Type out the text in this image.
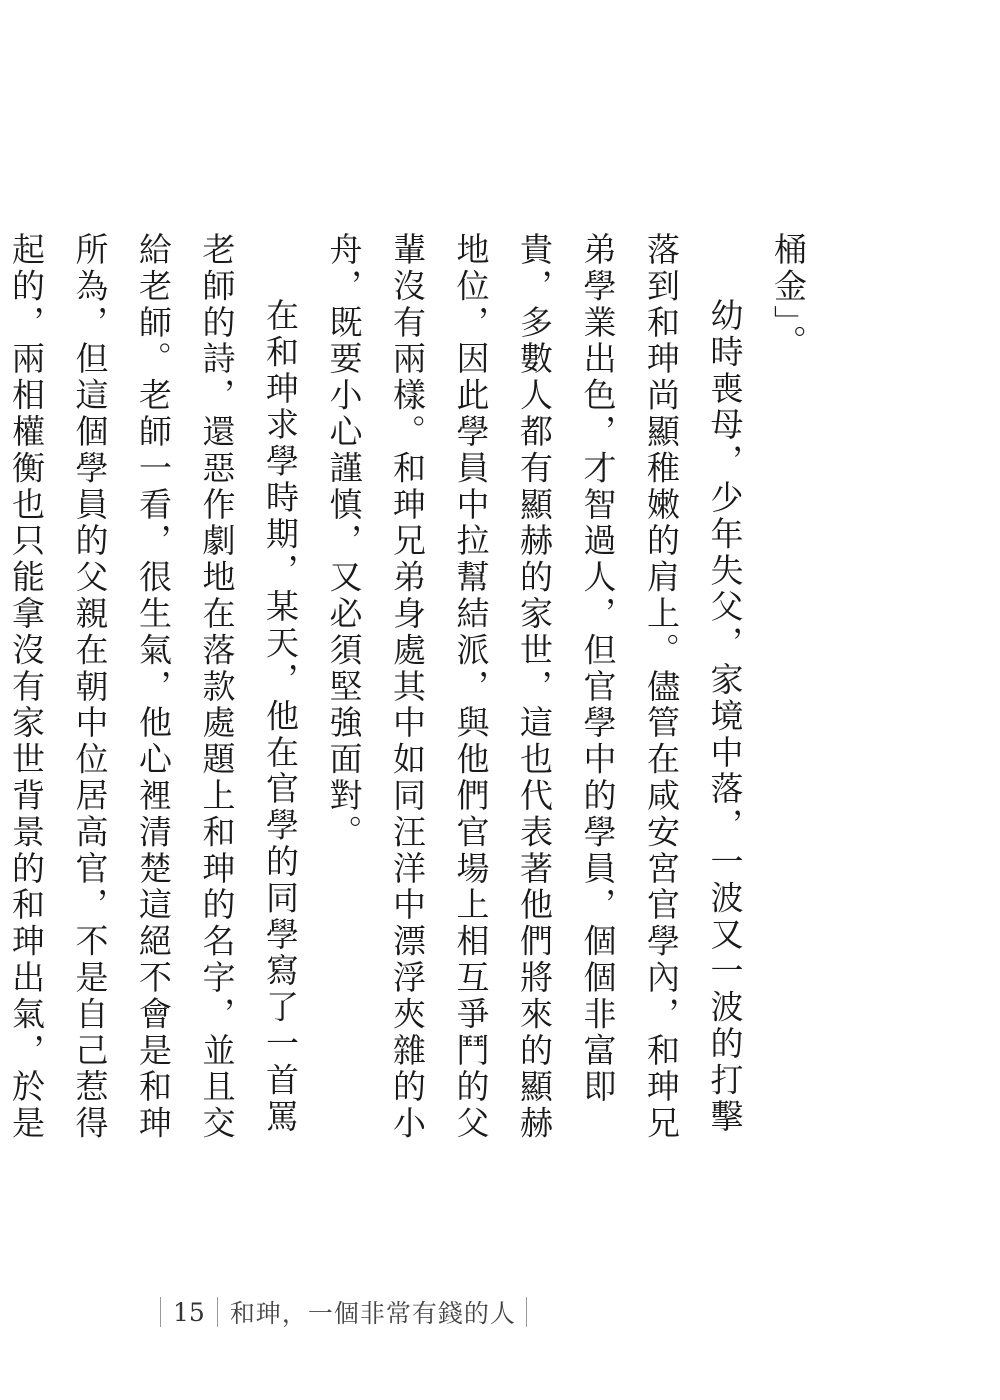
桶金」。

幼時喪母，少年失父，家境中落，一波又一波的打擊落到和珅尚顯稚嫩的肩上。儘管在咸安宮官學內，和珅兄弟學業出色，才智過人，但官學中的學員，個個非富即貴，多數人都有顯赫的家世，這也代表著他們將來的顯赫地位，因此學員中拉幫結派，與他們官場上相互爭鬥的父輩沒有兩樣。和珅兄弟身處其中如同汪洋中漂浮夾雜的小舟，既要小心謹慎，又必須堅強面對。

在和珅求學時期，某天，他在官學的同學寫了一首罵老師的詩，還惡作劇地在落款處題上和珅的名字，並且交給老師。老師一看，很生氣，他心裡清楚這絕不會是和珅所為，但這個學員的父親在朝中位居高官，不是自己惹得起的，兩相權衡也只能拿沒有家世背景的和珅出氣，於是

15	和珅，一個非常有錢的人
